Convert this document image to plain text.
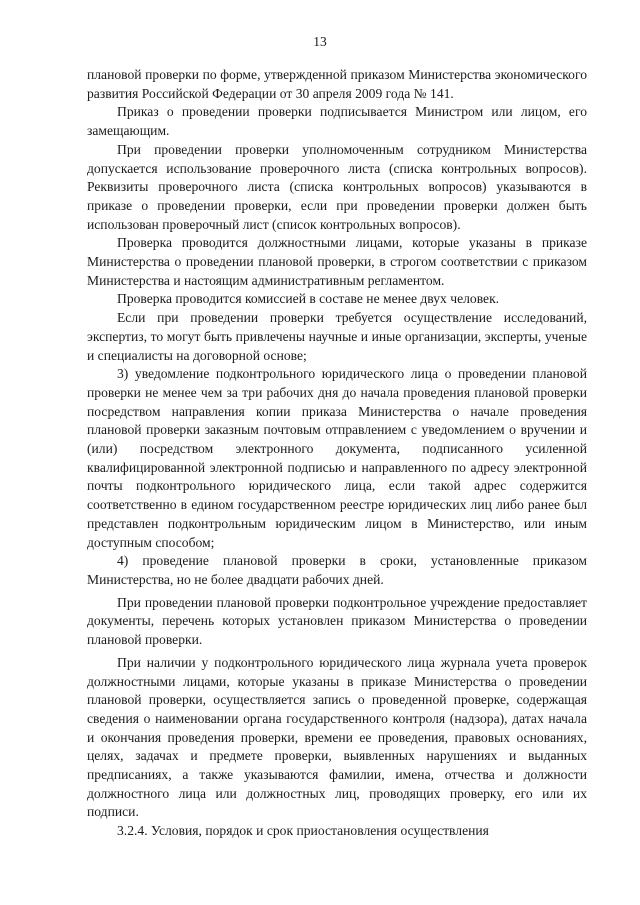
13

плановой проверки по форме, утвержденной приказом Министерства экономического развития Российской Федерации от 30 апреля 2009 года № 141.

Приказ о проведении проверки подписывается Министром или лицом, его замещающим.

При проведении проверки уполномоченным сотрудником Министерства допускается использование проверочного листа (списка контрольных вопросов). Реквизиты проверочного листа (списка контрольных вопросов) указываются в приказе о проведении проверки, если при проведении проверки должен быть использован проверочный лист (список контрольных вопросов).

Проверка проводится должностными лицами, которые указаны в приказе Министерства о проведении плановой проверки, в строгом соответствии с приказом Министерства и настоящим административным регламентом.

Проверка проводится комиссией в составе не менее двух человек.

Если при проведении проверки требуется осуществление исследований, экспертиз, то могут быть привлечены научные и иные организации, эксперты, ученые и специалисты на договорной основе;

3) уведомление подконтрольного юридического лица о проведении плановой проверки не менее чем за три рабочих дня до начала проведения плановой проверки посредством направления копии приказа Министерства о начале проведения плановой проверки заказным почтовым отправлением с уведомлением о вручении и (или) посредством электронного документа, подписанного усиленной квалифицированной электронной подписью и направленного по адресу электронной почты подконтрольного юридического лица, если такой адрес содержится соответственно в едином государственном реестре юридических лиц либо ранее был представлен подконтрольным юридическим лицом в Министерство, или иным доступным способом;

4) проведение плановой проверки в сроки, установленные приказом Министерства, но не более двадцати рабочих дней.

При проведении плановой проверки подконтрольное учреждение предоставляет документы, перечень которых установлен приказом Министерства о проведении плановой проверки.

При наличии у подконтрольного юридического лица журнала учета проверок должностными лицами, которые указаны в приказе Министерства о проведении плановой проверки, осуществляется запись о проведенной проверке, содержащая сведения о наименовании органа государственного контроля (надзора), датах начала и окончания проведения проверки, времени ее проведения, правовых основаниях, целях, задачах и предмете проверки, выявленных нарушениях и выданных предписаниях, а также указываются фамилии, имена, отчества и должности должностного лица или должностных лиц, проводящих проверку, его или их подписи.

3.2.4. Условия, порядок и срок приостановления осуществления
